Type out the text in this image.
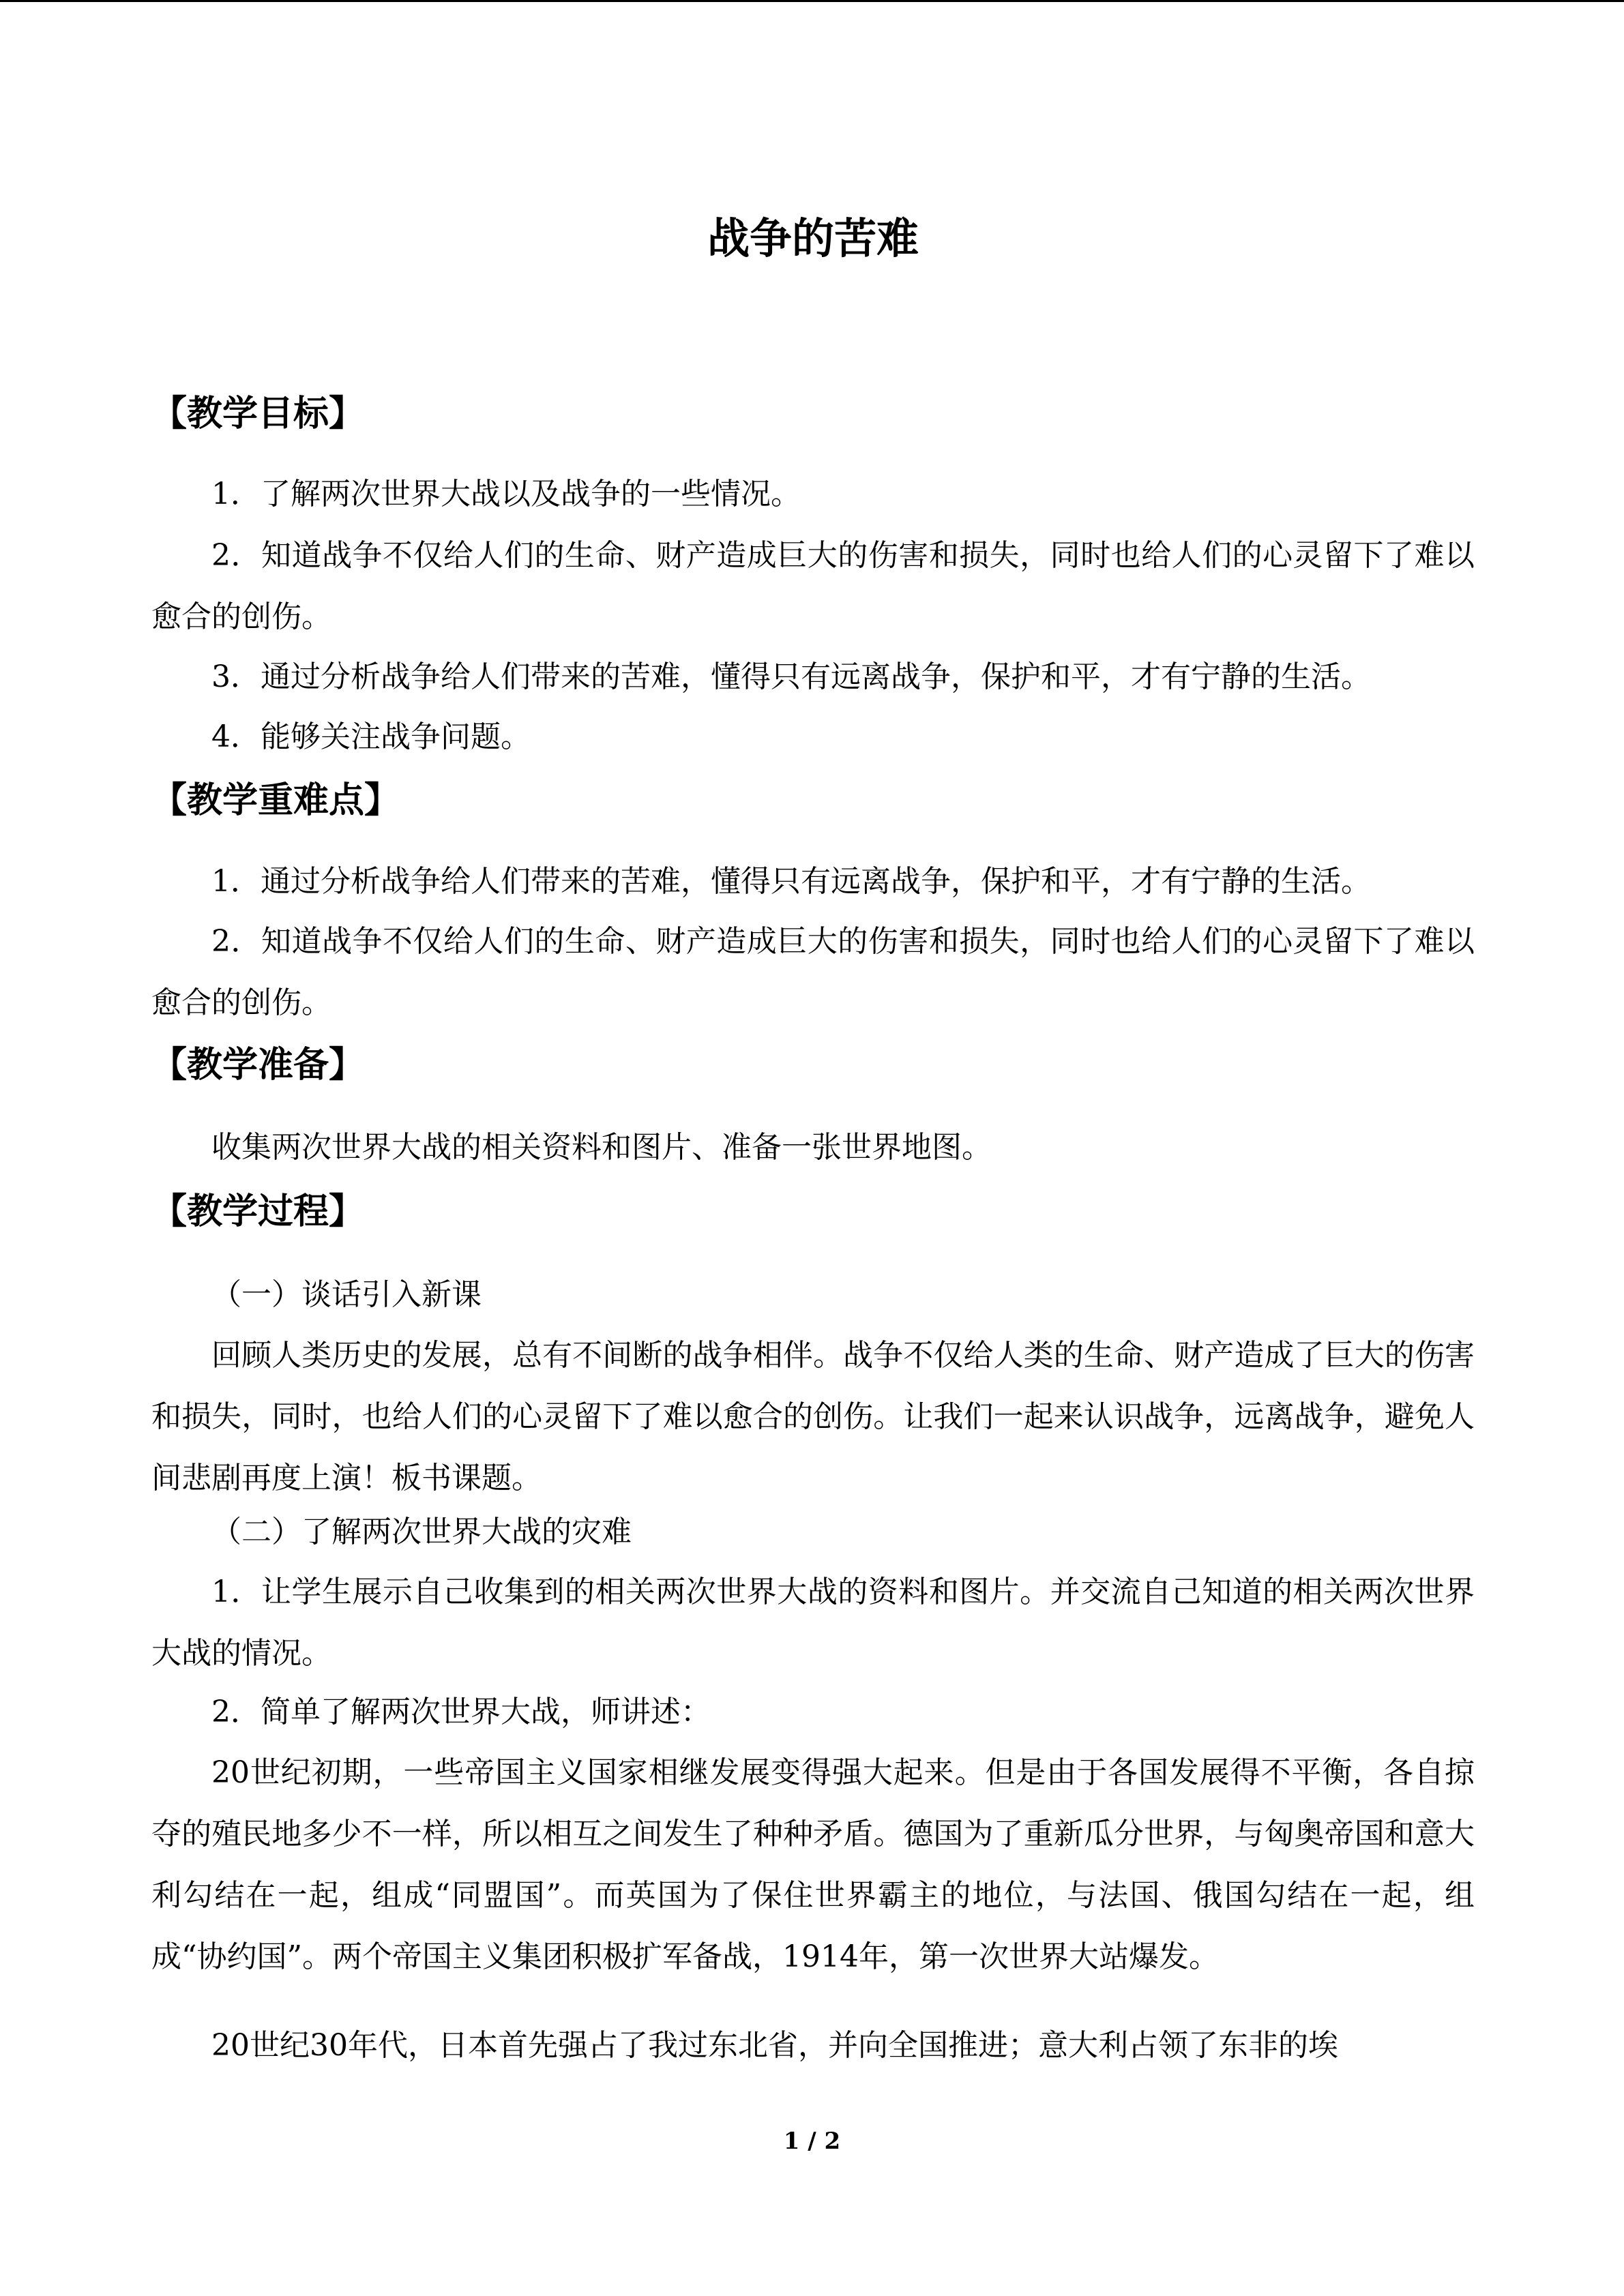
战争的苦难
【教学目标】
1．了解两次世界大战以及战争的一些情况。
2．知道战争不仅给人们的生命、财产造成巨大的伤害和损失，同时也给人们的心灵留下了难以愈合的创伤。
3．通过分析战争给人们带来的苦难，懂得只有远离战争，保护和平，才有宁静的生活。
4．能够关注战争问题。
【教学重难点】
1．通过分析战争给人们带来的苦难，懂得只有远离战争，保护和平，才有宁静的生活。
2．知道战争不仅给人们的生命、财产造成巨大的伤害和损失，同时也给人们的心灵留下了难以愈合的创伤。
【教学准备】
收集两次世界大战的相关资料和图片、准备一张世界地图。
【教学过程】
（一）谈话引入新课
回顾人类历史的发展，总有不间断的战争相伴。战争不仅给人类的生命、财产造成了巨大的伤害和损失，同时，也给人们的心灵留下了难以愈合的创伤。让我们一起来认识战争，远离战争，避免人间悲剧再度上演！板书课题。
（二）了解两次世界大战的灾难
1．让学生展示自己收集到的相关两次世界大战的资料和图片。并交流自己知道的相关两次世界大战的情况。
2．简单了解两次世界大战，师讲述：
20世纪初期，一些帝国主义国家相继发展变得强大起来。但是由于各国发展得不平衡，各自掠夺的殖民地多少不一样，所以相互之间发生了种种矛盾。德国为了重新瓜分世界，与匈奥帝国和意大利勾结在一起，组成“同盟国”。而英国为了保住世界霸主的地位，与法国、俄国勾结在一起，组成“协约国”。两个帝国主义集团积极扩军备战，1914年，第一次世界大站爆发。
20世纪30年代，日本首先强占了我过东北省，并向全国推进；意大利占领了东非的埃
1 / 2
